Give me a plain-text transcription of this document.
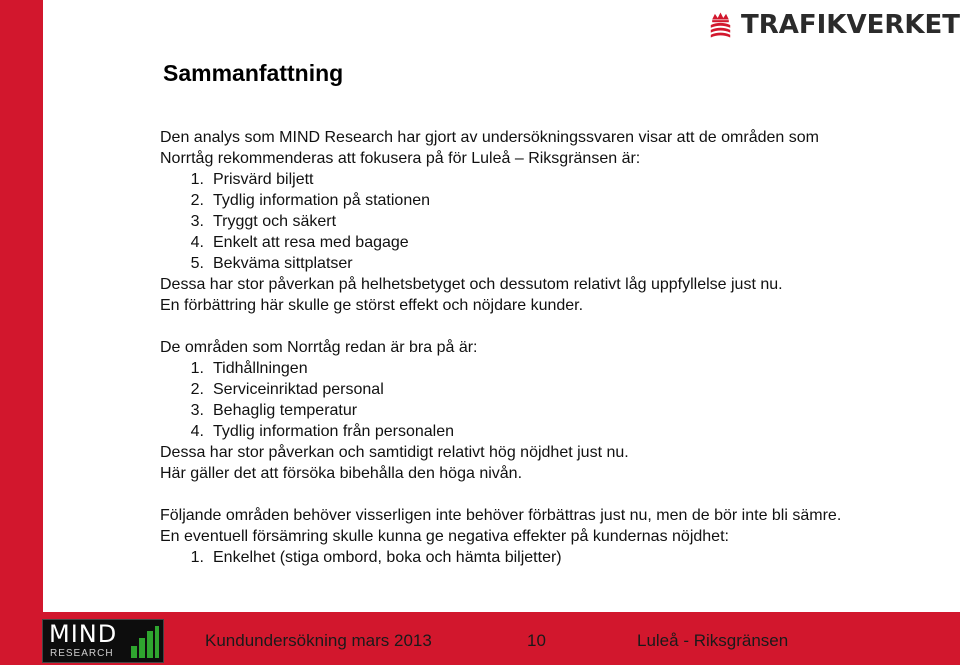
TRAFIKVERKET
Sammanfattning

Den analys som MIND Research har gjort av undersökningssvaren visar att de områden som

Norrtåg rekommenderas att fokusera på för Luleå – Riksgränsen är:

1. Prisvärd biljett
2. Tydlig information på stationen
3. Tryggt och säkert
4. Enkelt att resa med bagage
5. Bekväma sittplatser

Dessa har stor påverkan på helhetsbetyget och dessutom relativt låg uppfyllelse just nu.

En förbättring här skulle ge störst effekt och nöjdare kunder.

De områden som Norrtåg redan är bra på är:

1. Tidhållningen
2. Serviceinriktad personal
3. Behaglig temperatur
4. Tydlig information från personalen

Dessa har stor påverkan och samtidigt relativt hög nöjdhet just nu.

Här gäller det att försöka bibehålla den höga nivån.

Följande områden behöver visserligen inte behöver förbättras just nu, men de bör inte bli sämre.

En eventuell försämring skulle kunna ge negativa effekter på kundernas nöjdhet:

1. Enkelhet (stiga ombord, boka och hämta biljetter)
MIND
RESEARCH
Kundundersökning mars 2013	10	Luleå - Riksgränsen
